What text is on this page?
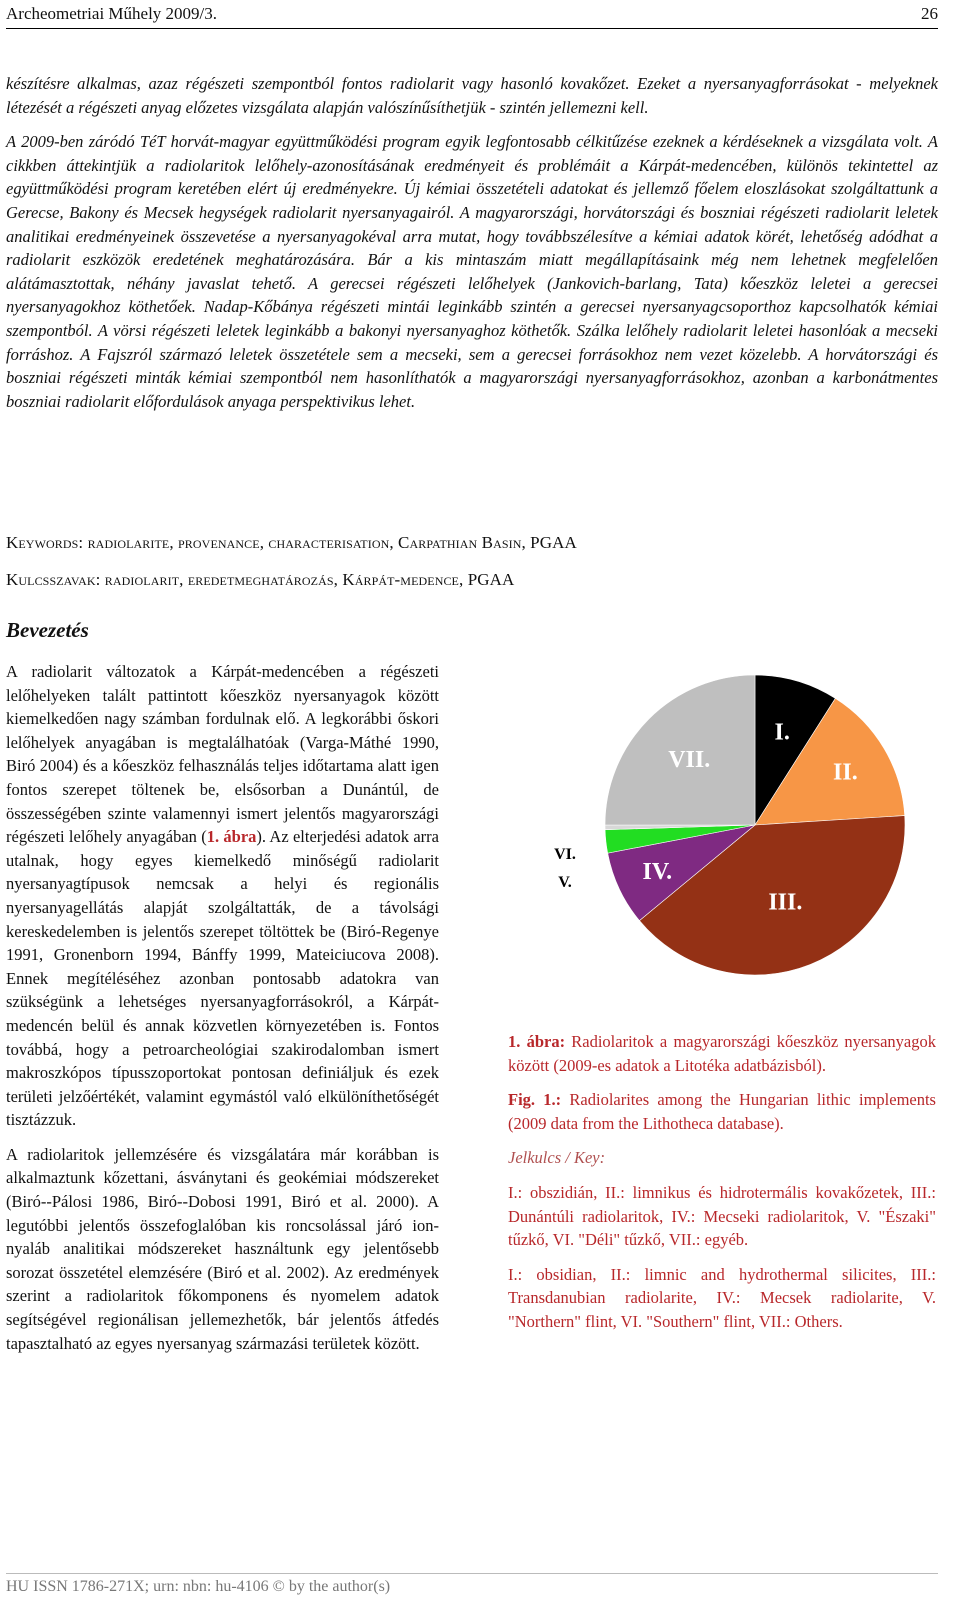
Archeometriai Műhely 2009/3.	26

készítésre alkalmas, azaz régészeti szempontból fontos radiolarit vagy hasonló kovakőzet. Ezeket a nyersanyagforrásokat - melyeknek létezését a régészeti anyag előzetes vizsgálata alapján valószínűsíthetjük - szintén jellemezni kell.

A 2009-ben záródó TéT horvát-magyar együttműködési program egyik legfontosabb célkitűzése ezeknek a kérdéseknek a vizsgálata volt. A cikkben áttekintjük a radiolaritok lelőhely-azonosításának eredményeit és problémáit a Kárpát-medencében, különös tekintettel az együttműködési program keretében elért új eredményekre. Új kémiai összetételi adatokat és jellemző főelem eloszlásokat szolgáltattunk a Gerecse, Bakony és Mecsek hegységek radiolarit nyersanyagairól. A magyarországi, horvátországi és boszniai régészeti radiolarit leletek analitikai eredményeinek összevetése a nyersanyagokéval arra mutat, hogy továbbszélesítve a kémiai adatok körét, lehetőség adódhat a radiolarit eszközök eredetének meghatározására. Bár a kis mintaszám miatt megállapításaink még nem lehetnek megfelelően alátámasztottak, néhány javaslat tehető. A gerecsei régészeti lelőhelyek (Jankovich-barlang, Tata) kőeszköz leletei a gerecsei nyersanyagokhoz köthetőek. Nadap-Kőbánya régészeti mintái leginkább szintén a gerecsei nyersanyagcsoporthoz kapcsolhatók kémiai szempontból. A vörsi régészeti leletek leginkább a bakonyi nyersanyaghoz köthetők. Szálka lelőhely radiolarit leletei hasonlóak a mecseki forráshoz. A Fajszról származó leletek összetétele sem a mecseki, sem a gerecsei forrásokhoz nem vezet közelebb. A horvátországi és boszniai régészeti minták kémiai szempontból nem hasonlíthatók a magyarországi nyersanyagforrásokhoz, azonban a karbonátmentes boszniai radiolarit előfordulások anyaga perspektivikus lehet.

Keywords: radiolarite, provenance, characterisation, Carpathian Basin, PGAA
Kulcsszavak: radiolarit, eredetmeghatározás, Kárpát-medence, PGAA
Bevezetés

A radiolarit változatok a Kárpát-medencében a régészeti lelőhelyeken talált pattintott kőeszköz nyersanyagok között kiemelkedően nagy számban fordulnak elő. A legkorábbi őskori lelőhelyek anyagában is megtalálhatóak (Varga-Máthé 1990, Biró 2004) és a kőeszköz felhasználás teljes időtartama alatt igen fontos szerepet töltenek be, elsősorban a Dunántúl, de összességében szinte valamennyi ismert jelentős magyarországi régészeti lelőhely anyagában (1. ábra). Az elterjedési adatok arra utalnak, hogy egyes kiemelkedő minőségű radiolarit nyersanyagtípusok nemcsak a helyi és regionális nyersanyagellátás alapját szolgáltatták, de a távolsági kereskedelemben is jelentős szerepet töltöttek be (Biró-Regenye 1991, Gronenborn 1994, Bánffy 1999, Mateiciucova 2008). Ennek megítéléséhez azonban pontosabb adatokra van szükségünk a lehetséges nyersanyagforrásokról, a Kárpát-medencén belül és annak közvetlen környezetében is. Fontos továbbá, hogy a petroarcheológiai szakirodalomban ismert makroszkópos típusszoportokat pontosan definiáljuk és ezek területi jelzőértékét, valamint egymástól való elkülöníthetőségét tisztázzuk.

A radiolaritok jellemzésére és vizsgálatára már korábban is alkalmaztunk kőzettani, ásványtani és geokémiai módszereket (Biró--Pálosi 1986, Biró--Dobosi 1991, Biró et al. 2000). A legutóbbi jelentős összefoglalóban kis roncsolással járó ion-nyaláb analitikai módszereket használtunk egy jelentősebb sorozat összetétel elemzésére (Biró et al. 2002). Az eredmények szerint a radiolaritok főkomponens és nyomelem adatok segítségével regionálisan jellemezhetők, bár jelentős átfedés tapasztalható az egyes nyersanyag származási területek között.

I.
II.
III.
IV.
V.
VI.
VII.

1. ábra: Radiolaritok a magyarországi kőeszköz nyersanyagok között (2009-es adatok a Litotéka adatbázisból).

Fig. 1.: Radiolarites among the Hungarian lithic implements (2009 data from the Lithotheca database).

Jelkulcs / Key:

I.: obszidián, II.: limnikus és hidrotermális kovakőzetek, III.: Dunántúli radiolaritok, IV.: Mecseki radiolaritok, V. "Északi" tűzkő, VI. "Déli" tűzkő, VII.: egyéb.

I.: obsidian, II.: limnic and hydrothermal silicites, III.: Transdanubian radiolarite, IV.: Mecsek radiolarite, V. "Northern" flint, VI. "Southern" flint, VII.: Others.

HU ISSN 1786-271X; urn: nbn: hu-4106 © by the author(s)
